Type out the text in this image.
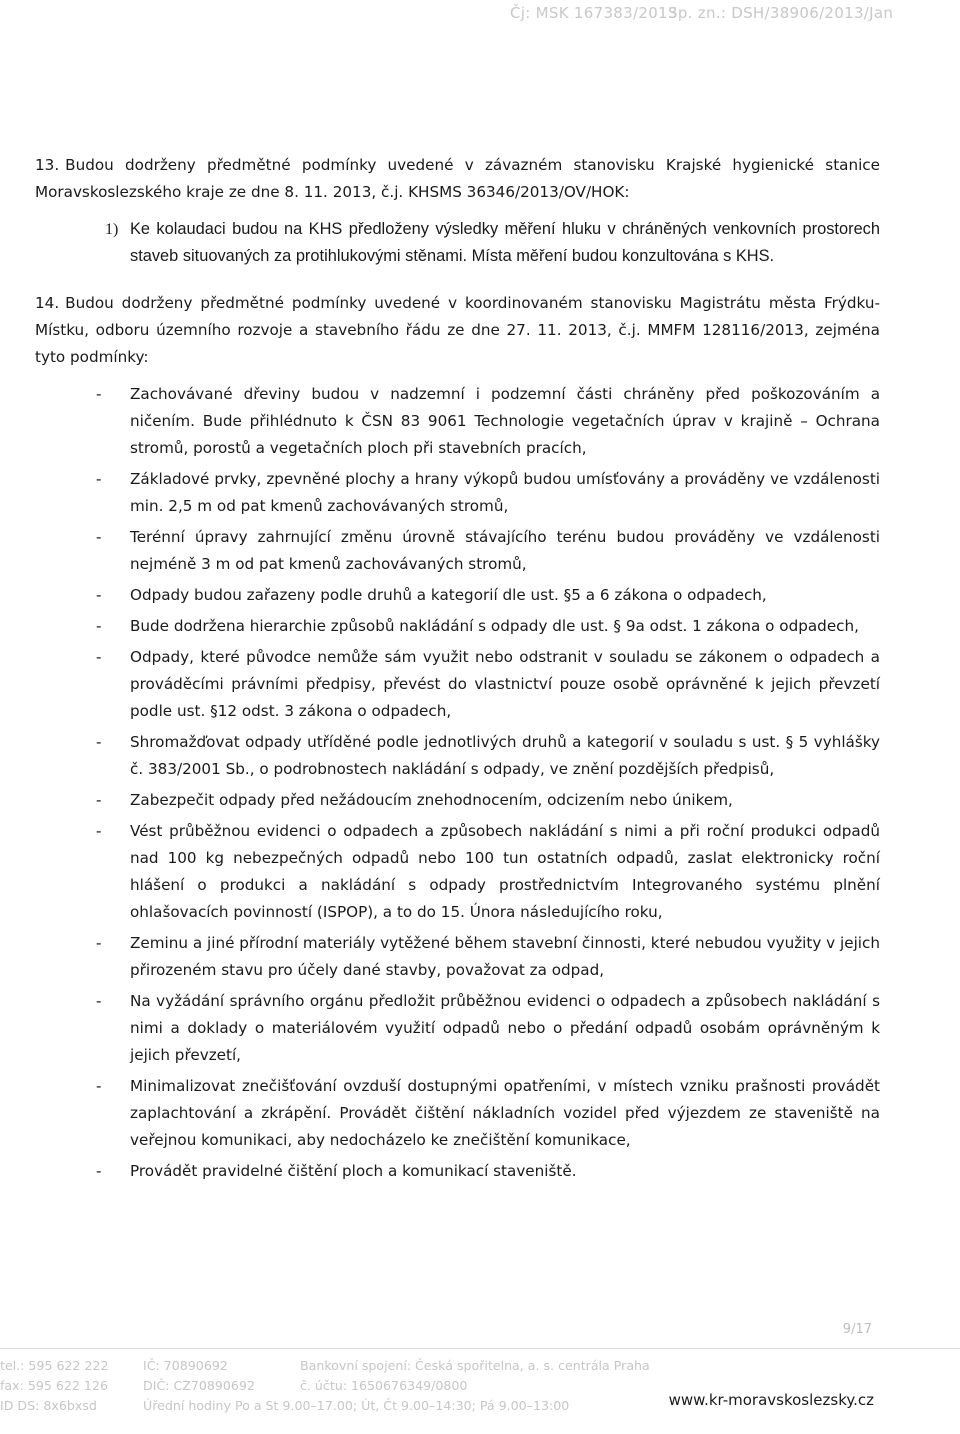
Čj: MSK 167383/2013
Sp. zn.: DSH/38906/2013/Jan
13. Budou dodrženy předmětné podmínky uvedené v závazném stanovisku Krajské hygienické stanice Moravskoslezského kraje ze dne 8. 11. 2013, č.j. KHSMS 36346/2013/OV/HOK:
1) Ke kolaudaci budou na KHS předloženy výsledky měření hluku v chráněných venkovních prostorech staveb situovaných za protihlukovými stěnami. Místa měření budou konzultována s KHS.
14. Budou dodrženy předmětné podmínky uvedené v koordinovaném stanovisku Magistrátu města Frýdku-Místku, odboru územního rozvoje a stavebního řádu ze dne 27. 11. 2013, č.j. MMFM 128116/2013, zejména tyto podmínky:
- Zachovávané dřeviny budou v nadzemní i podzemní části chráněny před poškozováním a ničením. Bude přihlédnuto k ČSN 83 9061 Technologie vegetačních úprav v krajině – Ochrana stromů, porostů a vegetačních ploch při stavebních pracích,
- Základové prvky, zpevněné plochy a hrany výkopů budou umísťovány a prováděny ve vzdálenosti min. 2,5 m od pat kmenů zachovávaných stromů,
- Terénní úpravy zahrnující změnu úrovně stávajícího terénu budou prováděny ve vzdálenosti nejméně 3 m od pat kmenů zachovávaných stromů,
- Odpady budou zařazeny podle druhů a kategorií dle ust. §5 a 6 zákona o odpadech,
- Bude dodržena hierarchie způsobů nakládání s odpady dle ust. § 9a odst. 1 zákona o odpadech,
- Odpady, které původce nemůže sám využit nebo odstranit v souladu se zákonem o odpadech a prováděcími právními předpisy, převést do vlastnictví pouze osobě oprávněné k jejich převzetí podle ust. §12 odst. 3 zákona o odpadech,
- Shromažďovat odpady utříděné podle jednotlivých druhů a kategorií v souladu s ust. § 5 vyhlášky č. 383/2001 Sb., o podrobnostech nakládání s odpady, ve znění pozdějších předpisů,
- Zabezpečit odpady před nežádoucím znehodnocením, odcizením nebo únikem,
- Vést průběžnou evidenci o odpadech a způsobech nakládání s nimi a při roční produkci odpadů nad 100 kg nebezpečných odpadů nebo 100 tun ostatních odpadů, zaslat elektronicky roční hlášení o produkci a nakládání s odpady prostřednictvím Integrovaného systému plnění ohlašovacích povinností (ISPOP), a to do 15. Února následujícího roku,
- Zeminu a jiné přírodní materiály vytěžené během stavební činnosti, které nebudou využity v jejich přirozeném stavu pro účely dané stavby, považovat za odpad,
- Na vyžádání správního orgánu předložit průběžnou evidenci o odpadech a způsobech nakládání s nimi a doklady o materiálovém využití odpadů nebo o předání odpadů osobám oprávněným k jejich převzetí,
- Minimalizovat znečišťování ovzduší dostupnými opatřeními, v místech vzniku prašnosti provádět zaplachtování a zkrápění. Provádět čištění nákladních vozidel před výjezdem ze staveniště na veřejnou komunikaci, aby nedocházelo ke znečištění komunikace,
- Provádět pravidelné čištění ploch a komunikací staveniště.
9/17
tel.: 595 622 222
fax: 595 622 126
ID DS: 8x6bxsd
IČ: 70890692
DIČ: CZ70890692
Úřední hodiny Po a St 9.00–17.00; Út, Čt 9.00–14:30; Pá 9.00–13:00
Bankovní spojení: Česká spořitelna, a. s. centrála Praha
č. účtu: 1650676349/0800
www.kr-moravskoslezsky.cz
